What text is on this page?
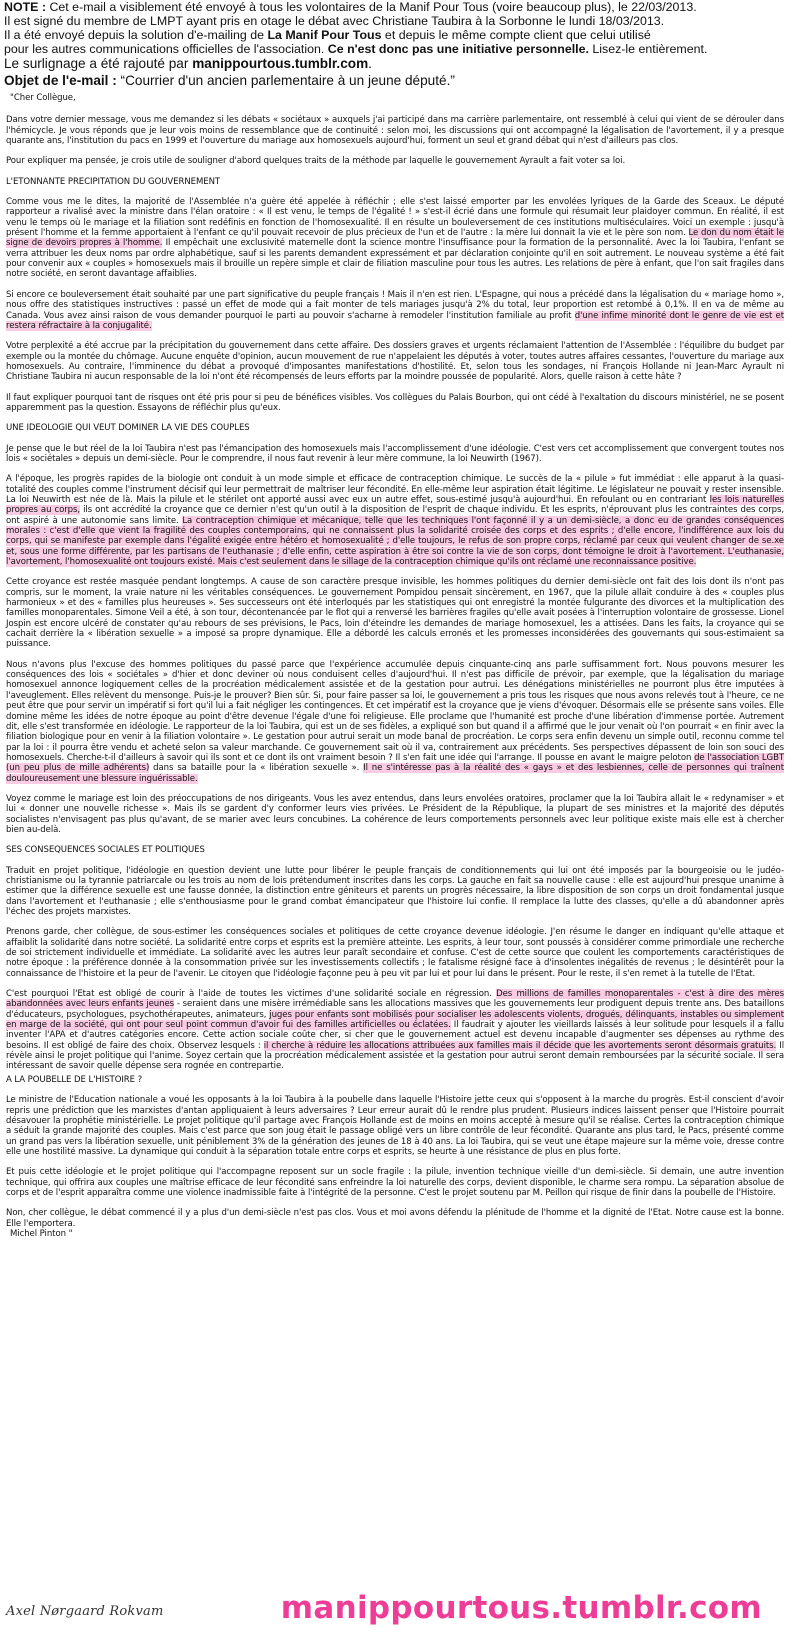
NOTE : Cet e-mail a visiblement été envoyé à tous les volontaires de la Manif Pour Tous (voire beaucoup plus), le 22/03/2013.

Il est signé du membre de LMPT ayant pris en otage le débat avec Christiane Taubira à la Sorbonne le lundi 18/03/2013.

Il a été envoyé depuis la solution d'e-mailing de La Manif Pour Tous et depuis le même compte client que celui utilisé

pour les autres communications officielles de l'association. Ce n'est donc pas une initiative personnelle. Lisez-le entièrement.

Le surlignage a été rajouté par manippourtous.tumblr.com.

Objet de l'e-mail : “Courrier d'un ancien parlementaire à un jeune député.”

"Cher Collègue,

Dans votre dernier message, vous me demandez si les débats « sociétaux » auxquels j'ai participé dans ma carrière parlementaire, ont ressemblé à celui qui vient de se dérouler dans l'hémicycle. Je vous réponds que je leur vois moins de ressemblance que de continuité : selon moi, les discussions qui ont accompagné la légalisation de l'avortement, il y a presque quarante ans, l'institution du pacs en 1999 et l'ouverture du mariage aux homosexuels aujourd'hui, forment un seul et grand débat qui n'est d'ailleurs pas clos.

Pour expliquer ma pensée, je crois utile de souligner d'abord quelques traits de la méthode par laquelle le gouvernement Ayrault a fait voter sa loi.

L'ETONNANTE PRECIPITATION DU GOUVERNEMENT

Comme vous me le dites, la majorité de l'Assemblée n'a guère été appelée à réfléchir ; elle s'est laissé emporter par les envolées lyriques de la Garde des Sceaux. Le député rapporteur a rivalisé avec la ministre dans l'élan oratoire : « Il est venu, le temps de l'égalité ! » s'est-il écrié dans une formule qui résumait leur plaidoyer commun. En réalité, il est venu le temps où le mariage et la filiation sont redéfinis en fonction de l'homosexualité. Il en résulte un bouleversement de ces institutions multiséculaires. Voici un exemple : jusqu'à présent l'homme et la femme apportaient à l'enfant ce qu'il pouvait recevoir de plus précieux de l'un et de l'autre : la mère lui donnait la vie et le père son nom. Le don du nom était le signe de devoirs propres à l'homme. Il empêchait une exclusivité maternelle dont la science montre l'insuffisance pour la formation de la personnalité. Avec la loi Taubira, l'enfant se verra attribuer les deux noms par ordre alphabétique, sauf si les parents demandent expressément et par déclaration conjointe qu'il en soit autrement. Le nouveau système a été fait pour convenir aux « couples » homosexuels mais il brouille un repère simple et clair de filiation masculine pour tous les autres. Les relations de père à enfant, que l'on sait fragiles dans notre société, en seront davantage affaiblies.

Si encore ce bouleversement était souhaité par une part significative du peuple français ! Mais il n'en est rien. L'Espagne, qui nous a précédé dans la légalisation du « mariage homo », nous offre des statistiques instructives : passé un effet de mode qui a fait monter de tels mariages jusqu'à 2% du total, leur proportion est retombé à 0,1%. Il en va de même au Canada. Vous avez ainsi raison de vous demander pourquoi le parti au pouvoir s'acharne à remodeler l'institution familiale au profit d'une infime minorité dont le genre de vie est et restera réfractaire à la conjugalité.

Votre perplexité a été accrue par la précipitation du gouvernement dans cette affaire. Des dossiers graves et urgents réclamaient l'attention de l'Assemblée : l'équilibre du budget par exemple ou la montée du chômage. Aucune enquête d'opinion, aucun mouvement de rue n'appelaient les députés à voter, toutes autres affaires cessantes, l'ouverture du mariage aux homosexuels. Au contraire, l'imminence du débat a provoqué d'imposantes manifestations d'hostilité. Et, selon tous les sondages, ni François Hollande ni Jean-Marc Ayrault ni Christiane Taubira ni aucun responsable de la loi n'ont été récompensés de leurs efforts par la moindre poussée de popularité. Alors, quelle raison à cette hâte ?

Il faut expliquer pourquoi tant de risques ont été pris pour si peu de bénéfices visibles. Vos collègues du Palais Bourbon, qui ont cédé à l'exaltation du discours ministériel, ne se posent apparemment pas la question. Essayons de réfléchir plus qu'eux.

UNE IDEOLOGIE QUI VEUT DOMINER LA VIE DES COUPLES

Je pense que le but réel de la loi Taubira n'est pas l'émancipation des homosexuels mais l'accomplissement d'une idéologie. C'est vers cet accomplissement que convergent toutes nos lois « sociétales » depuis un demi-siècle. Pour le comprendre, il nous faut revenir à leur mère commune, la loi Neuwirth (1967).

A l'époque, les progrès rapides de la biologie ont conduit à un mode simple et efficace de contraception chimique. Le succès de la « pilule » fut immédiat : elle apparut à la quasi-totalité des couples comme l'instrument décisif qui leur permettrait de maîtriser leur fécondité. En elle-même leur aspiration était légitime. Le législateur ne pouvait y rester insensible. La loi Neuwirth est née de là. Mais la pilule et le stérilet ont apporté aussi avec eux un autre effet, sous-estimé jusqu'à aujourd'hui. En refoulant ou en contrariant les lois naturelles propres au corps, ils ont accrédité la croyance que ce dernier n'est qu'un outil à la disposition de l'esprit de chaque individu. Et les esprits, n'éprouvant plus les contraintes des corps, ont aspiré à une autonomie sans limite. La contraception chimique et mécanique, telle que les techniques l'ont façonné il y a un demi-siècle, a donc eu de grandes conséquences morales : c'est d'elle que vient la fragilité des couples contemporains, qui ne connaissent plus la solidarité croisée des corps et des esprits ; d'elle encore, l'indifférence aux lois du corps, qui se manifeste par exemple dans l'égalité exigée entre hétéro et homosexualité ; d'elle toujours, le refus de son propre corps, réclamé par ceux qui veulent changer de se.xe et, sous une forme différente, par les partisans de l'euthanasie ; d'elle enfin, cette aspiration à être soi contre la vie de son corps, dont témoigne le droit à l'avortement. L'euthanasie, l'avortement, l'homosexualité ont toujours existé. Mais c'est seulement dans le sillage de la contraception chimique qu'ils ont réclamé une reconnaissance positive.

Cette croyance est restée masquée pendant longtemps. A cause de son caractère presque invisible, les hommes politiques du dernier demi-siècle ont fait des lois dont ils n'ont pas compris, sur le moment, la vraie nature ni les véritables conséquences. Le gouvernement Pompidou pensait sincèrement, en 1967, que la pilule allait conduire à des « couples plus harmonieux » et des « familles plus heureuses ». Ses successeurs ont été interloqués par les statistiques qui ont enregistré la montée fulgurante des divorces et la multiplication des familles monoparentales. Simone Veil a été, à son tour, décontenancée par le flot qui a renversé les barrières fragiles qu'elle avait posées à l'interruption volontaire de grossesse. Lionel Jospin est encore ulcéré de constater qu'au rebours de ses prévisions, le Pacs, loin d'éteindre les demandes de mariage homosexuel, les a attisées. Dans les faits, la croyance qui se cachait derrière la « libération sexuelle » a imposé sa propre dynamique. Elle a débordé les calculs erronés et les promesses inconsidérées des gouvernants qui sous-estimaient sa puissance.

Nous n'avons plus l'excuse des hommes politiques du passé parce que l'expérience accumulée depuis cinquante-cinq ans parle suffisamment fort. Nous pouvons mesurer les conséquences des lois « sociétales » d'hier et donc deviner où nous conduisent celles d'aujourd'hui. Il n'est pas difficile de prévoir, par exemple, que la légalisation du mariage homosexuel annonce logiquement celles de la procréation médicalement assistée et de la gestation pour autrui. Les dénégations ministérielles ne pourront plus être imputées à l'aveuglement. Elles relèvent du mensonge. Puis-je le prouver? Bien sûr. Si, pour faire passer sa loi, le gouvernement a pris tous les risques que nous avons relevés tout à l'heure, ce ne peut être que pour servir un impératif si fort qu'il lui a fait négliger les contingences. Et cet impératif est la croyance que je viens d'évoquer. Désormais elle se présente sans voiles. Elle domine même les idées de notre époque au point d'être devenue l'égale d'une foi religieuse. Elle proclame que l'humanité est proche d'une libération d'immense portée. Autrement dit, elle s'est transformée en idéologie. Le rapporteur de la loi Taubira, qui est un de ses fidèles, a expliqué son but quand il a affirmé que le jour venait où l'on pourrait « en finir avec la filiation biologique pour en venir à la filiation volontaire ». Le gestation pour autrui serait un mode banal de procréation. Le corps sera enfin devenu un simple outil, reconnu comme tel par la loi : il pourra être vendu et acheté selon sa valeur marchande. Ce gouvernement sait où il va, contrairement aux précédents. Ses perspectives dépassent de loin son souci des homosexuels. Cherche-t-il d'ailleurs à savoir qui ils sont et ce dont ils ont vraiment besoin ? Il s'en fait une idée qui l'arrange. Il pousse en avant le maigre peloton de l'association LGBT (un peu plus de mille adhérents) dans sa bataille pour la « libération sexuelle ». Il ne s'intéresse pas à la réalité des « gays » et des lesbiennes, celle de personnes qui traînent douloureusement une blessure inguérissable.

Voyez comme le mariage est loin des préoccupations de nos dirigeants. Vous les avez entendus, dans leurs envolées oratoires, proclamer que la loi Taubira allait le « redynamiser » et lui « donner une nouvelle richesse ». Mais ils se gardent d'y conformer leurs vies privées. Le Président de la République, la plupart de ses ministres et la majorité des députés socialistes n'envisagent pas plus qu'avant, de se marier avec leurs concubines. La cohérence de leurs comportements personnels avec leur politique existe mais elle est à chercher bien au-delà.

SES CONSEQUENCES SOCIALES ET POLITIQUES

Traduit en projet politique, l'idéologie en question devient une lutte pour libérer le peuple français de conditionnements qui lui ont été imposés par la bourgeoisie ou le judéo-christianisme ou la tyrannie patriarcale ou les trois au nom de lois prétendument inscrites dans les corps. La gauche en fait sa nouvelle cause : elle est aujourd'hui presque unanime à estimer que la différence sexuelle est une fausse donnée, la distinction entre géniteurs et parents un progrès nécessaire, la libre disposition de son corps un droit fondamental jusque dans l'avortement et l'euthanasie ; elle s'enthousiasme pour le grand combat émancipateur que l'histoire lui confie. Il remplace la lutte des classes, qu'elle a dû abandonner après l'échec des projets marxistes.

Prenons garde, cher collègue, de sous-estimer les conséquences sociales et politiques de cette croyance devenue idéologie. J'en résume le danger en indiquant qu'elle attaque et affaiblit la solidarité dans notre société. La solidarité entre corps et esprits est la première atteinte. Les esprits, à leur tour, sont poussés à considérer comme primordiale une recherche de soi strictement individuelle et immédiate. La solidarité avec les autres leur paraît secondaire et confuse. C'est de cette source que coulent les comportements caractéristiques de notre époque : la préférence donnée à la consommation privée sur les investissements collectifs ; le fatalisme résigné face à d'insolentes inégalités de revenus ; le désintérêt pour la connaissance de l'histoire et la peur de l'avenir. Le citoyen que l'idéologie façonne peu à peu vit par lui et pour lui dans le présent. Pour le reste, il s'en remet à la tutelle de l'Etat.

C'est pourquoi l'Etat est obligé de courir à l'aide de toutes les victimes d'une solidarité sociale en régression. Des millions de familles monoparentales - c'est à dire des mères abandonnées avec leurs enfants jeunes - seraient dans une misère irrémédiable sans les allocations massives que les gouvernements leur prodiguent depuis trente ans. Des bataillons d'éducateurs, psychologues, psychothérapeutes, animateurs, juges pour enfants sont mobilisés pour socialiser les adolescents violents, drogués, délinquants, instables ou simplement en marge de la société, qui ont pour seul point commun d'avoir fui des familles artificielles ou éclatées. Il faudrait y ajouter les vieillards laissés à leur solitude pour lesquels il a fallu inventer l'APA et d'autres catégories encore. Cette action sociale coûte cher, si cher que le gouvernement actuel est devenu incapable d'augmenter ses dépenses au rythme des besoins. Il est obligé de faire des choix. Observez lesquels : il cherche à réduire les allocations attribuées aux familles mais il décide que les avortements seront désormais gratuits. Il révèle ainsi le projet politique qui l'anime. Soyez certain que la procréation médicalement assistée et la gestation pour autrui seront demain remboursées par la sécurité sociale. Il sera intéressant de savoir quelle dépense sera rognée en contrepartie.

A LA POUBELLE DE L'HISTOIRE ?

Le ministre de l'Education nationale a voué les opposants à la loi Taubira à la poubelle dans laquelle l'Histoire jette ceux qui s'opposent à la marche du progrès. Est-il conscient d'avoir repris une prédiction que les marxistes d'antan appliquaient à leurs adversaires ? Leur erreur aurait dû le rendre plus prudent. Plusieurs indices laissent penser que l'Histoire pourrait désavouer la prophétie ministérielle. Le projet politique qu'il partage avec François Hollande est de moins en moins accepté à mesure qu'il se réalise. Certes la contraception chimique a séduit la grande majorité des couples. Mais c'est parce que son joug était le passage obligé vers un libre contrôle de leur fécondité. Quarante ans plus tard, le Pacs, présenté comme un grand pas vers la libération sexuelle, unit péniblement 3% de la génération des jeunes de 18 à 40 ans. La loi Taubira, qui se veut une étape majeure sur la même voie, dresse contre elle une hostilité massive. La dynamique qui conduit à la séparation totale entre corps et esprits, se heurte à une résistance de plus en plus forte.

Et puis cette idéologie et le projet politique qui l'accompagne reposent sur un socle fragile : la pilule, invention technique vieille d'un demi-siècle. Si demain, une autre invention technique, qui offrira aux couples une maîtrise efficace de leur fécondité sans enfreindre la loi naturelle des corps, devient disponible, le charme sera rompu. La séparation absolue de corps et de l'esprit apparaîtra comme une violence inadmissible faite à l'intégrité de la personne. C'est le projet soutenu par M. Peillon qui risque de finir dans la poubelle de l'Histoire.

Non, cher collègue, le débat commencé il y a plus d'un demi-siècle n'est pas clos. Vous et moi avons défendu la plénitude de l'homme et la dignité de l'Etat. Notre cause est la bonne. Elle l'emportera.

Michel Pinton "

Axel Nørgaard Rokvam	manippourtous.tumblr.com
